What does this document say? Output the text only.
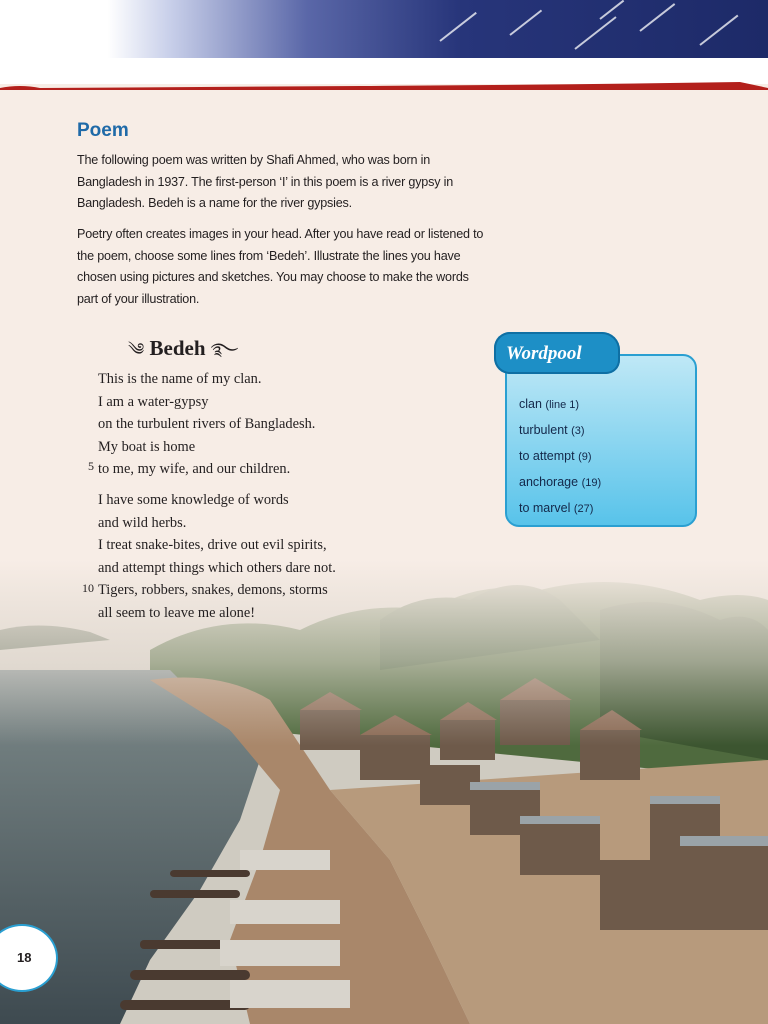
Poem

The following poem was written by Shafi Ahmed, who was born in Bangladesh in 1937. The first-person ‘I’ in this poem is a river gypsy in Bangladesh. Bedeh is a name for the river gypsies.

Poetry often creates images in your head. After you have read or listened to the poem, choose some lines from ‘Bedeh’. Illustrate the lines you have chosen using pictures and sketches. You may choose to make the words part of your illustration.

༄ Bedeh ࿐
This is the name of my clan.
I am a water-gypsy
on the turbulent rivers of Bangladesh.
My boat is home
to me, my wife, and our children.
5
I have some knowledge of words
and wild herbs.
I treat snake-bites, drive out evil spirits,
and attempt things which others dare not.
Tigers, robbers, snakes, demons, storms
all seem to leave me alone!
10
Wordpool
clan (line 1)
turbulent (3)
to attempt (9)
anchorage (19)
to marvel (27)
18
